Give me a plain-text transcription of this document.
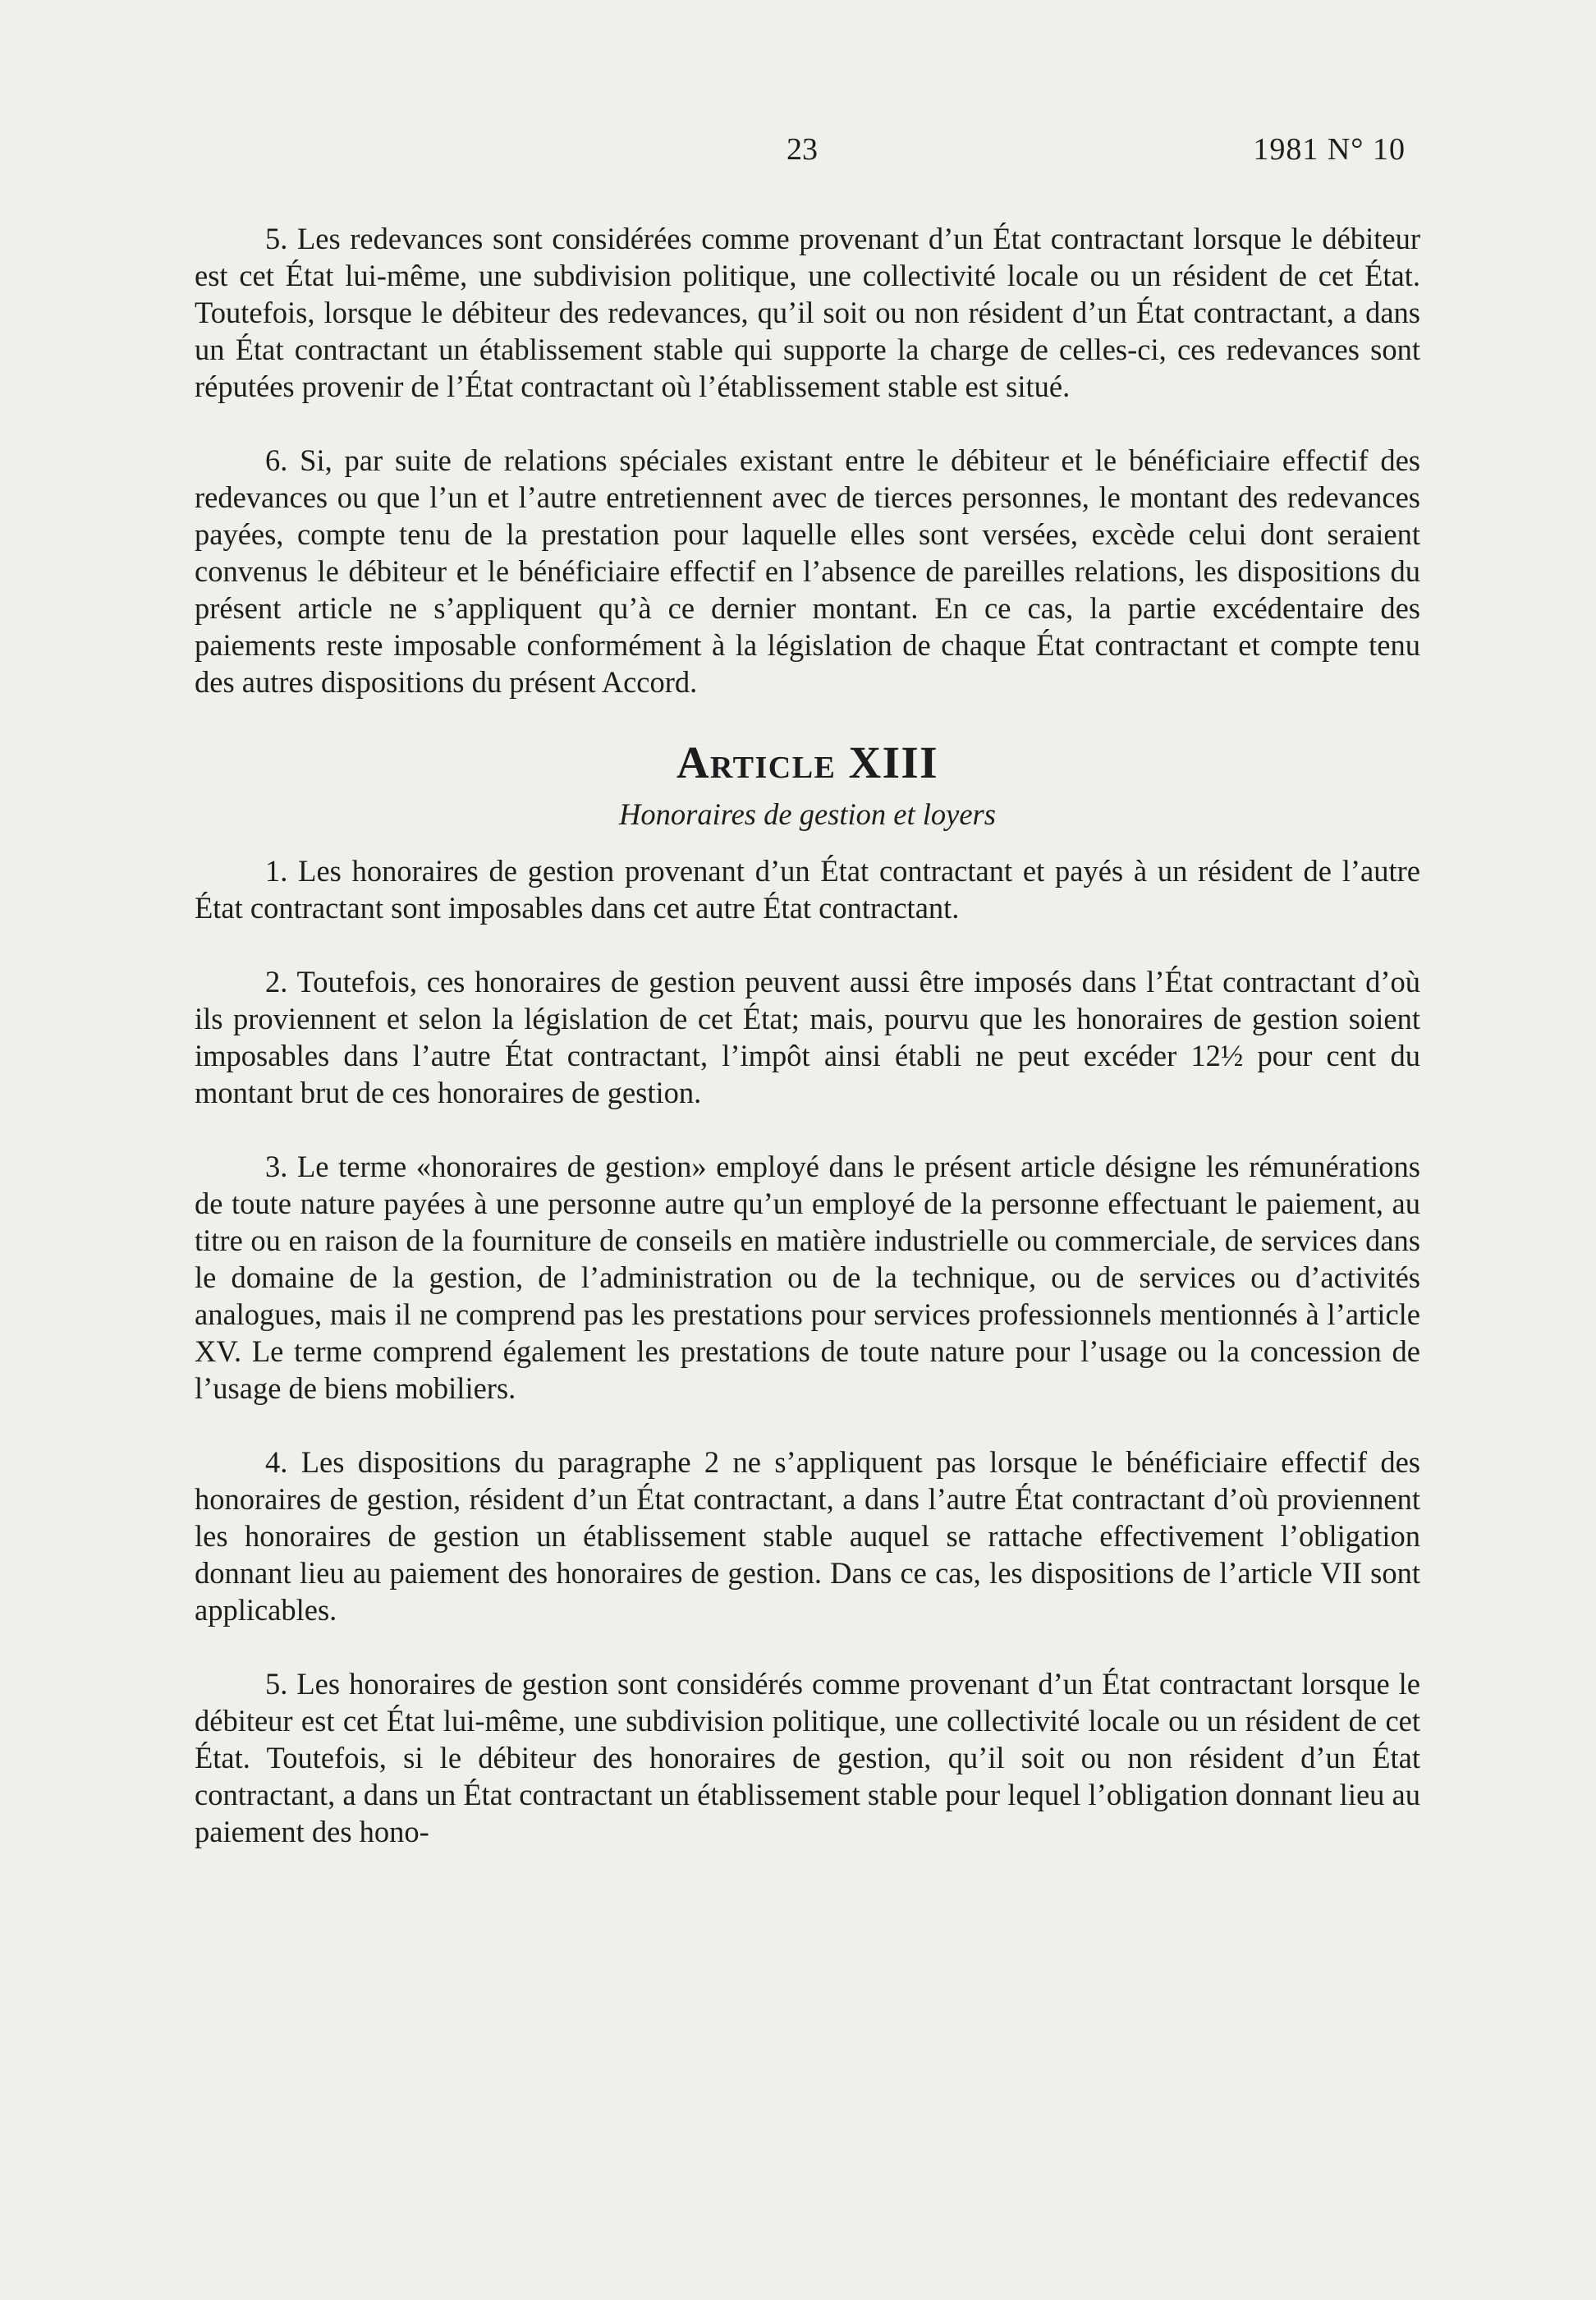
23	1981 N° 10

5. Les redevances sont considérées comme provenant d’un État contractant lorsque le débiteur est cet État lui-même, une subdivision politique, une collectivité locale ou un résident de cet État. Toutefois, lorsque le débiteur des redevances, qu’il soit ou non résident d’un État contractant, a dans un État contractant un établissement stable qui supporte la charge de celles-ci, ces redevances sont réputées provenir de l’État contractant où l’établissement stable est situé.

6. Si, par suite de relations spéciales existant entre le débiteur et le bénéficiaire effectif des redevances ou que l’un et l’autre entretiennent avec de tierces personnes, le montant des redevances payées, compte tenu de la prestation pour laquelle elles sont versées, excède celui dont seraient convenus le débiteur et le bénéficiaire effectif en l’absence de pareilles relations, les dispositions du présent article ne s’appliquent qu’à ce dernier montant. En ce cas, la partie excédentaire des paiements reste imposable conformément à la législation de chaque État contractant et compte tenu des autres dispositions du présent Accord.

Article XIII
Honoraires de gestion et loyers

1. Les honoraires de gestion provenant d’un État contractant et payés à un résident de l’autre État contractant sont imposables dans cet autre État contractant.

2. Toutefois, ces honoraires de gestion peuvent aussi être imposés dans l’État contractant d’où ils proviennent et selon la législation de cet État; mais, pourvu que les honoraires de gestion soient imposables dans l’autre État contractant, l’impôt ainsi établi ne peut excéder 12½ pour cent du montant brut de ces honoraires de gestion.

3. Le terme «honoraires de gestion» employé dans le présent article désigne les rémunérations de toute nature payées à une personne autre qu’un employé de la personne effectuant le paiement, au titre ou en raison de la fourniture de conseils en matière industrielle ou commerciale, de services dans le domaine de la gestion, de l’administration ou de la technique, ou de services ou d’activités analogues, mais il ne comprend pas les prestations pour services professionnels mentionnés à l’article XV. Le terme comprend également les prestations de toute nature pour l’usage ou la concession de l’usage de biens mobiliers.

4. Les dispositions du paragraphe 2 ne s’appliquent pas lorsque le bénéficiaire effectif des honoraires de gestion, résident d’un État contractant, a dans l’autre État contractant d’où proviennent les honoraires de gestion un établissement stable auquel se rattache effectivement l’obligation donnant lieu au paiement des honoraires de gestion. Dans ce cas, les dispositions de l’article VII sont applicables.

5. Les honoraires de gestion sont considérés comme provenant d’un État contractant lorsque le débiteur est cet État lui-même, une subdivision politique, une collectivité locale ou un résident de cet État. Toutefois, si le débiteur des honoraires de gestion, qu’il soit ou non résident d’un État contractant, a dans un État contractant un établissement stable pour lequel l’obligation donnant lieu au paiement des hono-
